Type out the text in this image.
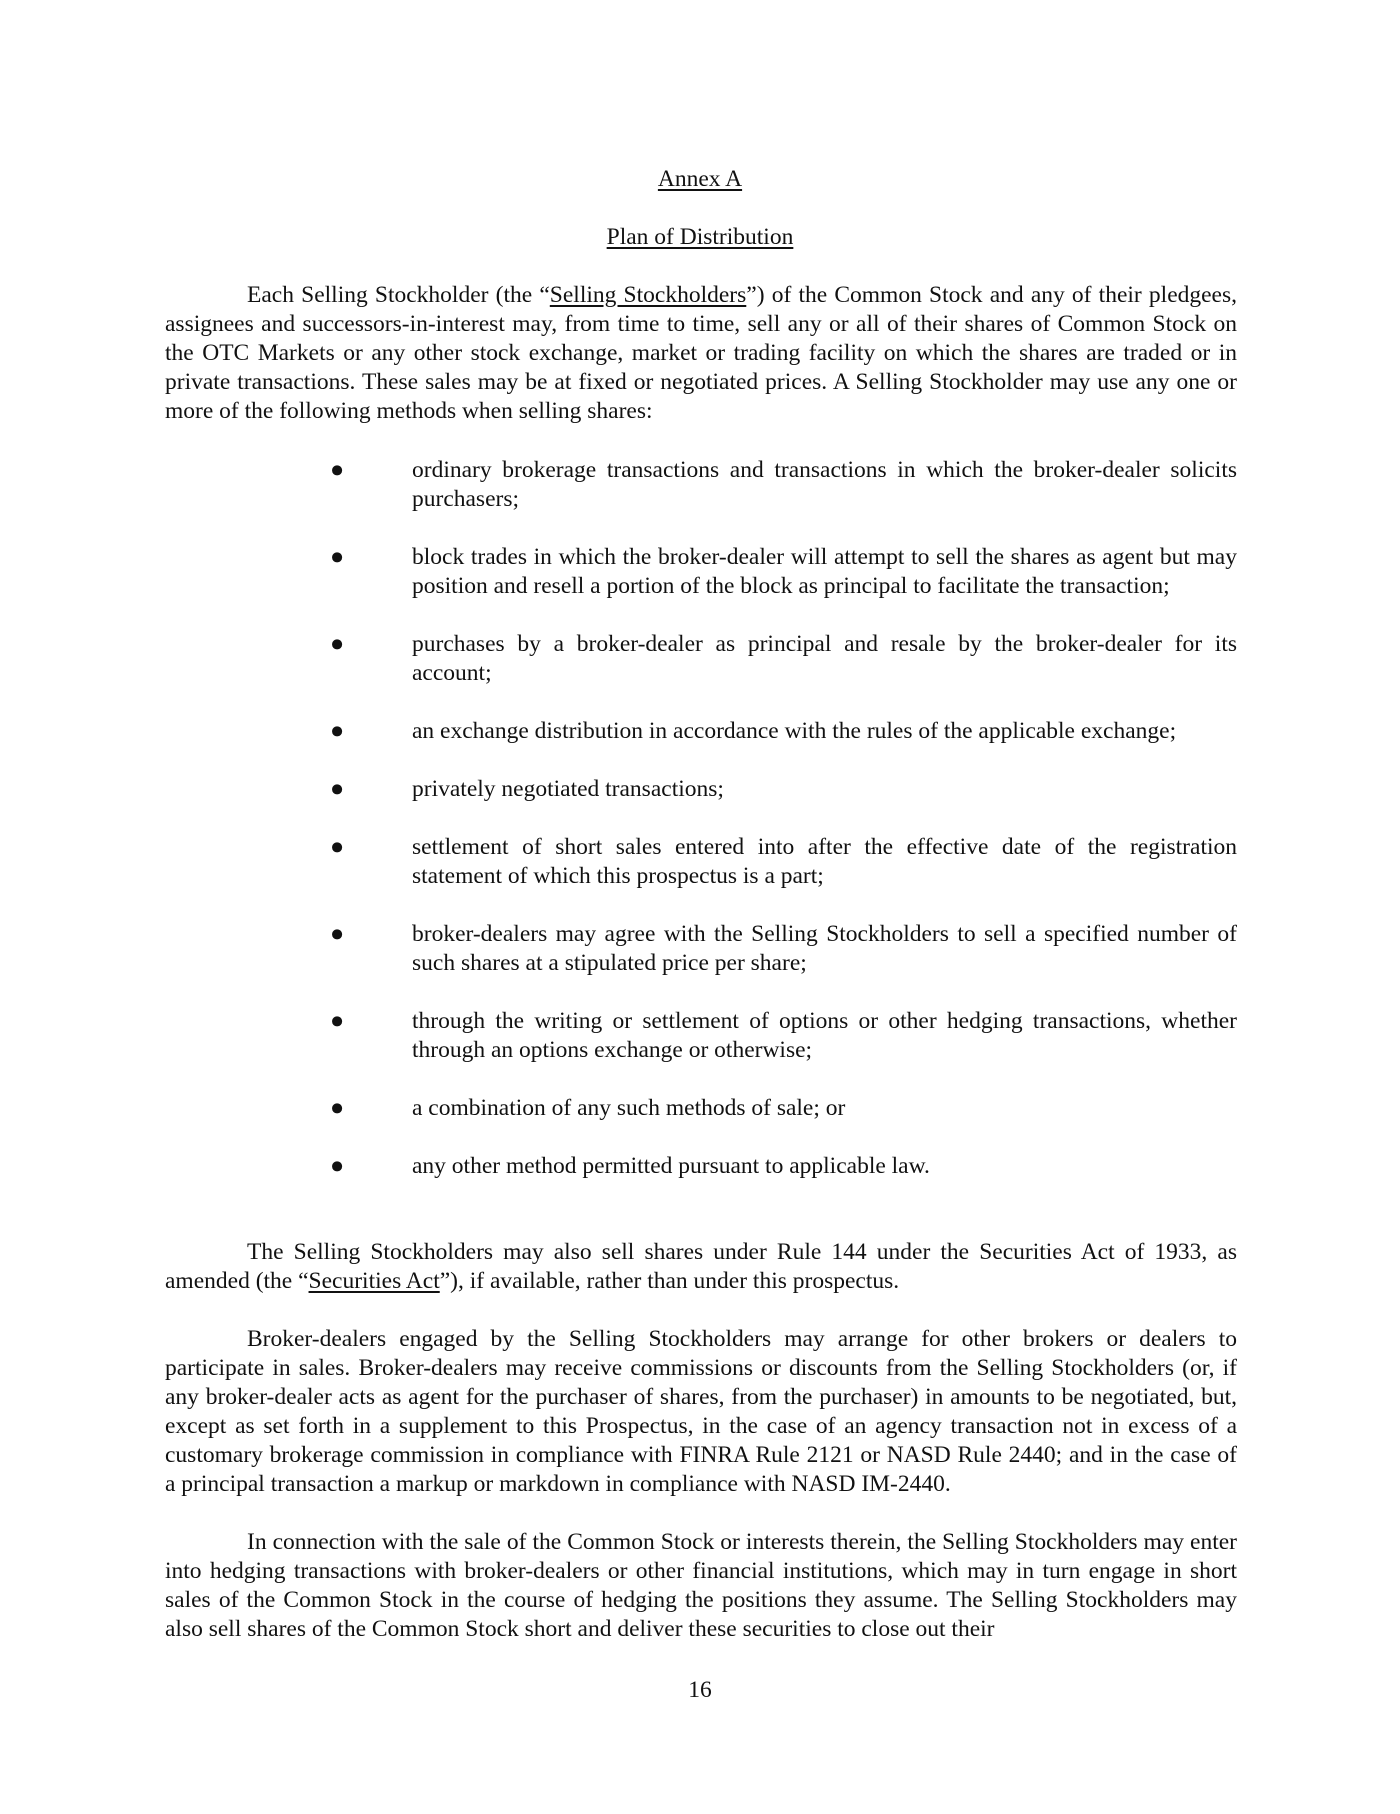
Annex A
Plan of Distribution

Each Selling Stockholder (the “Selling Stockholders”) of the Common Stock and any of their pledgees, assignees and successors-in-interest may, from time to time, sell any or all of their shares of Common Stock on the OTC Markets or any other stock exchange, market or trading facility on which the shares are traded or in private transactions. These sales may be at fixed or negotiated prices. A Selling Stockholder may use any one or more of the following methods when selling shares:

●	ordinary brokerage transactions and transactions in which the broker-dealer solicits purchasers;
●	block trades in which the broker-dealer will attempt to sell the shares as agent but may position and resell a portion of the block as principal to facilitate the transaction;
●	purchases by a broker-dealer as principal and resale by the broker-dealer for its account;
●	an exchange distribution in accordance with the rules of the applicable exchange;
●	privately negotiated transactions;
●	settlement of short sales entered into after the effective date of the registration statement of which this prospectus is a part;
●	broker-dealers may agree with the Selling Stockholders to sell a specified number of such shares at a stipulated price per share;
●	through the writing or settlement of options or other hedging transactions, whether through an options exchange or otherwise;
●	a combination of any such methods of sale; or
●	any other method permitted pursuant to applicable law.

The Selling Stockholders may also sell shares under Rule 144 under the Securities Act of 1933, as amended (the “Securities Act”), if available, rather than under this prospectus.

Broker-dealers engaged by the Selling Stockholders may arrange for other brokers or dealers to participate in sales. Broker-dealers may receive commissions or discounts from the Selling Stockholders (or, if any broker-dealer acts as agent for the purchaser of shares, from the purchaser) in amounts to be negotiated, but, except as set forth in a supplement to this Prospectus, in the case of an agency transaction not in excess of a customary brokerage commission in compliance with FINRA Rule 2121 or NASD Rule 2440; and in the case of a principal transaction a markup or markdown in compliance with NASD IM-2440.

In connection with the sale of the Common Stock or interests therein, the Selling Stockholders may enter into hedging transactions with broker-dealers or other financial institutions, which may in turn engage in short sales of the Common Stock in the course of hedging the positions they assume. The Selling Stockholders may also sell shares of the Common Stock short and deliver these securities to close out their

16
